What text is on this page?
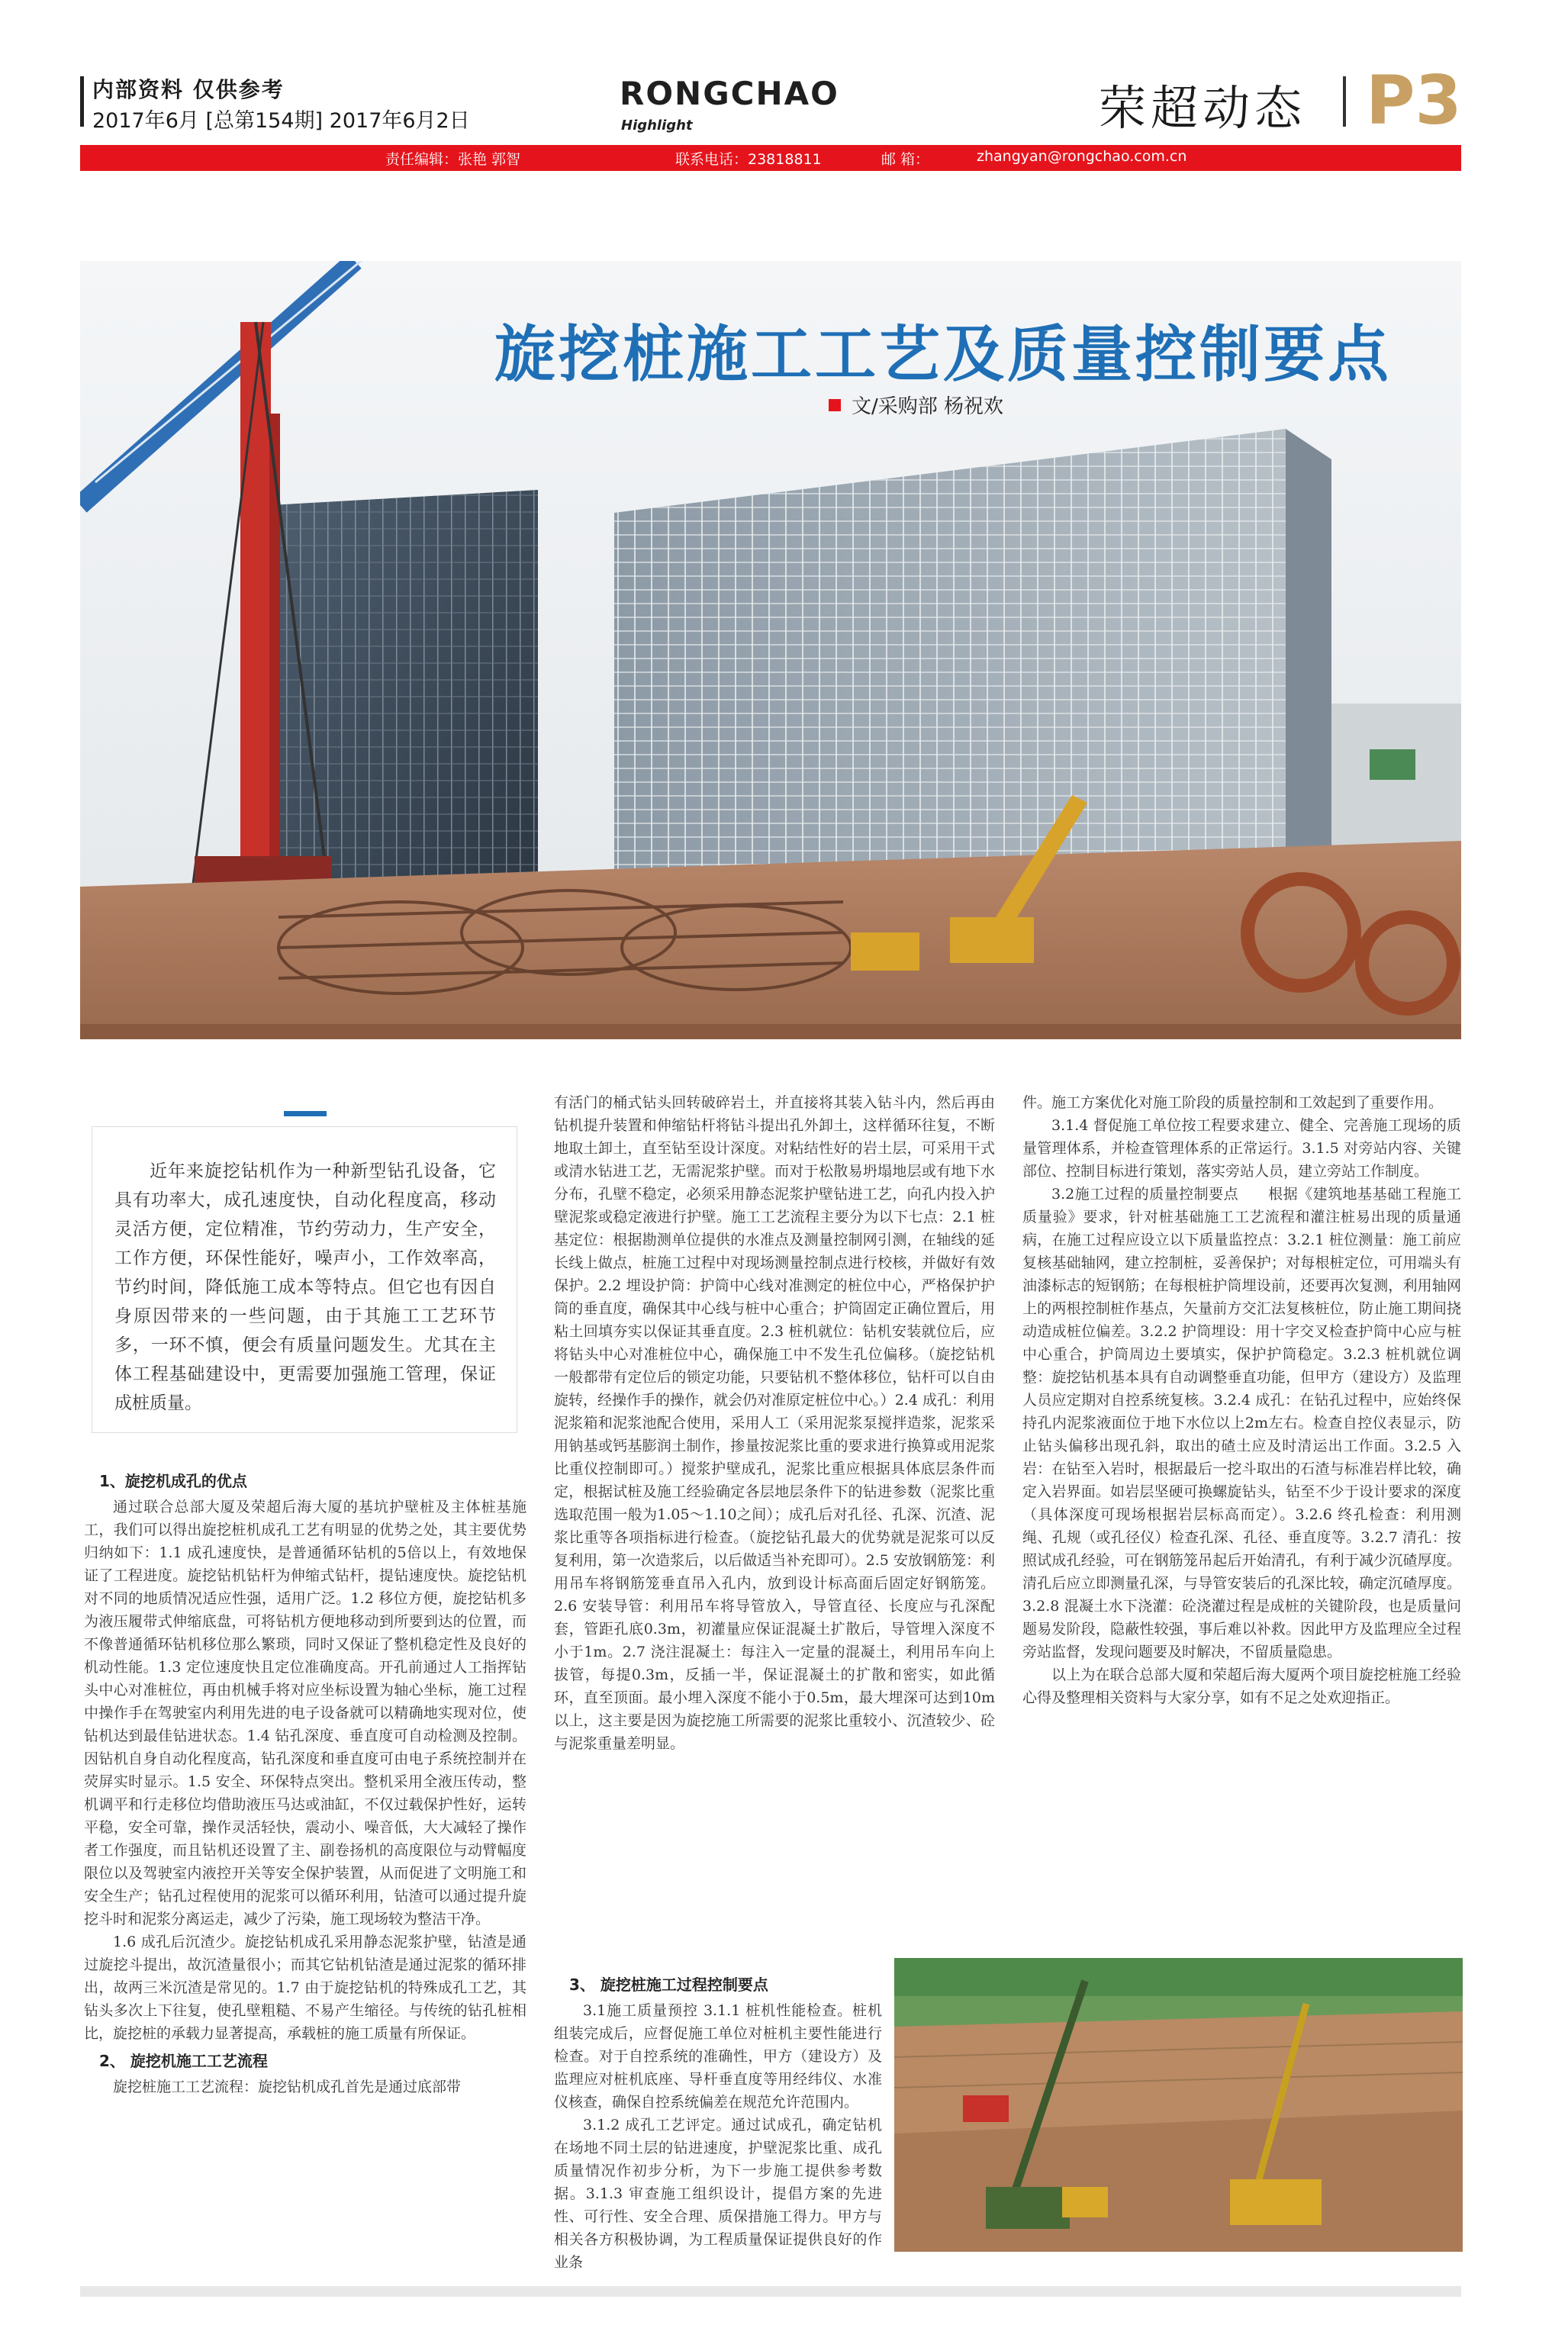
内部资料 仅供参考
2017年6月 [总第154期] 2017年6月2日
RONGCHAO
Highlight	荣超动态 P3
责任编辑：张艳 郭智	联系电话：23818811	邮 箱：	zhangyan@rongchao.com.cn
旋挖桩施工工艺及质量控制要点
文/采购部 杨祝欢
近年来旋挖钻机作为一种新型钻孔设备，它具有功率大，成孔速度快，自动化程度高，移动灵活方便，定位精准，节约劳动力，生产安全，工作方便，环保性能好，噪声小，工作效率高，节约时间，降低施工成本等特点。但它也有因自身原因带来的一些问题，由于其施工工艺环节多，一环不慎，便会有质量问题发生。尤其在主体工程基础建设中，更需要加强施工管理，保证成桩质量。
1、旋挖机成孔的优点

通过联合总部大厦及荣超后海大厦的基坑护壁桩及主体桩基施工，我们可以得出旋挖桩机成孔工艺有明显的优势之处，其主要优势归纳如下：1.1 成孔速度快，是普通循环钻机的5倍以上，有效地保证了工程进度。旋挖钻机钻杆为伸缩式钻杆，提钻速度快。旋挖钻机对不同的地质情况适应性强，适用广泛。1.2 移位方便，旋挖钻机多为液压履带式伸缩底盘，可将钻机方便地移动到所要到达的位置，而不像普通循环钻机移位那么繁琐，同时又保证了整机稳定性及良好的机动性能。1.3 定位速度快且定位准确度高。开孔前通过人工指挥钻头中心对准桩位，再由机械手将对应坐标设置为轴心坐标，施工过程中操作手在驾驶室内利用先进的电子设备就可以精确地实现对位，使钻机达到最佳钻进状态。1.4 钻孔深度、垂直度可自动检测及控制。因钻机自身自动化程度高，钻孔深度和垂直度可由电子系统控制并在荧屏实时显示。1.5 安全、环保特点突出。整机采用全液压传动，整机调平和行走移位均借助液压马达或油缸，不仅过载保护性好，运转平稳，安全可靠，操作灵活轻快，震动小、噪音低，大大减轻了操作者工作强度，而且钻机还设置了主、副卷扬机的高度限位与动臂幅度限位以及驾驶室内液控开关等安全保护装置，从而促进了文明施工和安全生产；钻孔过程使用的泥浆可以循环利用，钻渣可以通过提升旋挖斗时和泥浆分离运走，减少了污染，施工现场较为整洁干净。

1.6 成孔后沉渣少。旋挖钻机成孔采用静态泥浆护壁，钻渣是通过旋挖斗提出，故沉渣量很小；而其它钻机钻渣是通过泥浆的循环排出，故两三米沉渣是常见的。1.7 由于旋挖钻机的特殊成孔工艺，其钻头多次上下往复，使孔壁粗糙、不易产生缩径。与传统的钻孔桩相比，旋挖桩的承载力显著提高，承载桩的施工质量有所保证。

2、 旋挖机施工工艺流程

旋挖桩施工工艺流程：旋挖钻机成孔首先是通过底部带

有活门的桶式钻头回转破碎岩土，并直接将其装入钻斗内，然后再由钻机提升装置和伸缩钻杆将钻斗提出孔外卸土，这样循环往复，不断地取土卸土，直至钻至设计深度。对粘结性好的岩土层，可采用干式或清水钻进工艺，无需泥浆护壁。而对于松散易坍塌地层或有地下水分布，孔壁不稳定，必须采用静态泥浆护壁钻进工艺，向孔内投入护壁泥浆或稳定液进行护壁。施工工艺流程主要分为以下七点：2.1 桩基定位：根据勘测单位提供的水准点及测量控制网引测，在轴线的延长线上做点，桩施工过程中对现场测量控制点进行校核，并做好有效保护。2.2 埋设护筒：护筒中心线对准测定的桩位中心，严格保护护筒的垂直度，确保其中心线与桩中心重合；护筒固定正确位置后，用粘土回填夯实以保证其垂直度。2.3 桩机就位：钻机安装就位后，应将钻头中心对准桩位中心，确保施工中不发生孔位偏移。（旋挖钻机一般都带有定位后的锁定功能，只要钻机不整体移位，钻杆可以自由旋转，经操作手的操作，就会仍对准原定桩位中心。）2.4 成孔：利用泥浆箱和泥浆池配合使用，采用人工（采用泥浆泵搅拌造浆，泥浆采用钠基或钙基膨润土制作，掺量按泥浆比重的要求进行换算或用泥浆比重仪控制即可。）搅浆护壁成孔，泥浆比重应根据具体底层条件而定，根据试桩及施工经验确定各层地层条件下的钻进参数（泥浆比重选取范围一般为1.05～1.10之间）；成孔后对孔径、孔深、沉渣、泥浆比重等各项指标进行检查。（旋挖钻孔最大的优势就是泥浆可以反复利用，第一次造浆后，以后做适当补充即可）。2.5 安放钢筋笼：利用吊车将钢筋笼垂直吊入孔内，放到设计标高面后固定好钢筋笼。2.6 安装导管：利用吊车将导管放入，导管直径、长度应与孔深配套，管距孔底0.3m，初灌量应保证混凝土扩散后，导管埋入深度不小于1m。2.7 浇注混凝土：每注入一定量的混凝土，利用吊车向上拔管，每提0.3m，反插一半，保证混凝土的扩散和密实，如此循环，直至顶面。最小埋入深度不能小于0.5m，最大埋深可达到10m以上，这主要是因为旋挖施工所需要的泥浆比重较小、沉渣较少、砼与泥浆重量差明显。

3、 旋挖桩施工过程控制要点

3.1施工质量预控 3.1.1 桩机性能检查。桩机组装完成后，应督促施工单位对桩机主要性能进行检查。对于自控系统的准确性，甲方（建设方）及监理应对桩机底座、导杆垂直度等用经纬仪、水准仪核查，确保自控系统偏差在规范允许范围内。

3.1.2 成孔工艺评定。通过试成孔，确定钻机在场地不同土层的钻进速度，护壁泥浆比重、成孔质量情况作初步分析，为下一步施工提供参考数据。3.1.3 审查施工组织设计，提倡方案的先进性、可行性、安全合理、质保措施工得力。甲方与相关各方积极协调，为工程质量保证提供良好的作业条

件。施工方案优化对施工阶段的质量控制和工效起到了重要作用。

3.1.4 督促施工单位按工程要求建立、健全、完善施工现场的质量管理体系，并检查管理体系的正常运行。3.1.5 对旁站内容、关键部位、控制目标进行策划，落实旁站人员，建立旁站工作制度。

3.2施工过程的质量控制要点　　根据《建筑地基基础工程施工质量验》要求，针对桩基础施工工艺流程和灌注桩易出现的质量通病，在施工过程应设立以下质量监控点：3.2.1 桩位测量：施工前应复核基础轴网，建立控制桩，妥善保护；对每根桩定位，可用端头有油漆标志的短钢筋；在每根桩护筒埋设前，还要再次复测，利用轴网上的两根控制桩作基点，矢量前方交汇法复核桩位，防止施工期间挠动造成桩位偏差。3.2.2 护筒埋设：用十字交叉检查护筒中心应与桩中心重合，护筒周边土要填实，保护护筒稳定。3.2.3 桩机就位调整：旋挖钻机基本具有自动调整垂直功能，但甲方（建设方）及监理人员应定期对自控系统复核。3.2.4 成孔：在钻孔过程中，应始终保持孔内泥浆液面位于地下水位以上2m左右。检查自控仪表显示，防止钻头偏移出现孔斜，取出的碴土应及时清运出工作面。3.2.5 入岩：在钻至入岩时，根据最后一挖斗取出的石渣与标准岩样比较，确定入岩界面。如岩层坚硬可换螺旋钻头，钻至不少于设计要求的深度（具体深度可现场根据岩层标高而定）。3.2.6 终孔检查：利用测绳、孔规（或孔径仪）检查孔深、孔径、垂直度等。3.2.7 清孔：按照试成孔经验，可在钢筋笼吊起后开始清孔，有利于减少沉碴厚度。清孔后应立即测量孔深，与导管安装后的孔深比较，确定沉碴厚度。3.2.8 混凝土水下浇灌：砼浇灌过程是成桩的关键阶段，也是质量问题易发阶段，隐蔽性较强，事后难以补救。因此甲方及监理应全过程旁站监督，发现问题要及时解决，不留质量隐患。

以上为在联合总部大厦和荣超后海大厦两个项目旋挖桩施工经验心得及整理相关资料与大家分享，如有不足之处欢迎指正。
